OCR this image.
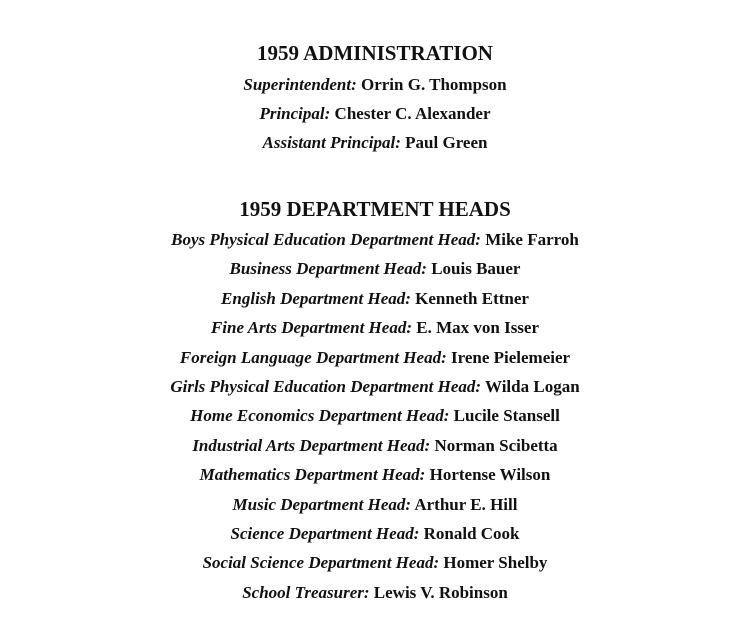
1959 ADMINISTRATION
Superintendent: Orrin G. Thompson
Principal: Chester C. Alexander
Assistant Principal: Paul Green
1959 DEPARTMENT HEADS
Boys Physical Education Department Head: Mike Farroh
Business Department Head: Louis Bauer
English Department Head: Kenneth Ettner
Fine Arts Department Head: E. Max von Isser
Foreign Language Department Head: Irene Pielemeier
Girls Physical Education Department Head: Wilda Logan
Home Economics Department Head: Lucile Stansell
Industrial Arts Department Head: Norman Scibetta
Mathematics Department Head: Hortense Wilson
Music Department Head: Arthur E. Hill
Science Department Head: Ronald Cook
Social Science Department Head: Homer Shelby
School Treasurer: Lewis V. Robinson
